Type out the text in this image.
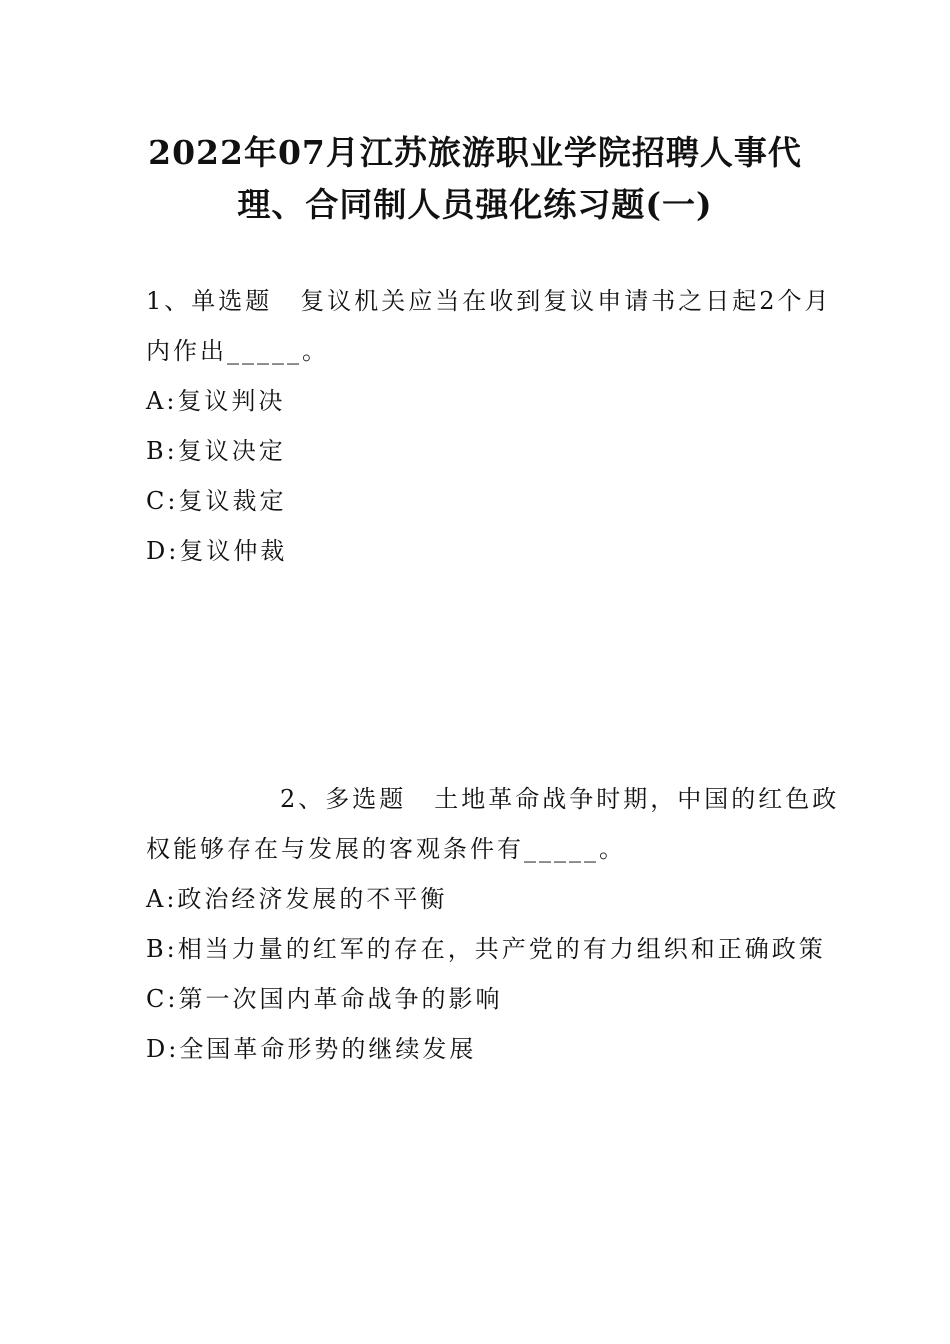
2022年07月江苏旅游职业学院招聘人事代
理、合同制人员强化练习题(一)
1、单选题 复议机关应当在收到复议申请书之日起2个月
内作出_____。
A:复议判决
B:复议决定
C:复议裁定
D:复议仲裁
2、多选题 土地革命战争时期，中国的红色政
权能够存在与发展的客观条件有_____。
A:政治经济发展的不平衡
B:相当力量的红军的存在，共产党的有力组织和正确政策
C:第一次国内革命战争的影响
D:全国革命形势的继续发展
